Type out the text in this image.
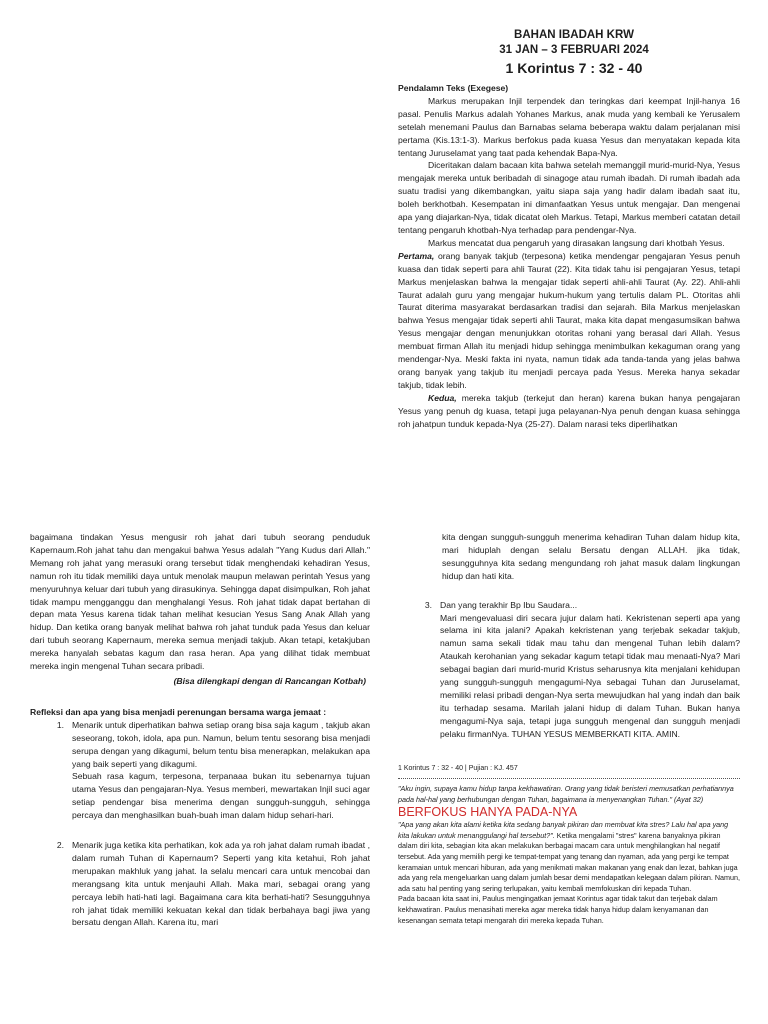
BAHAN IBADAH KRW
31 JAN – 3 FEBRUARI 2024
1 Korintus 7 : 32 - 40

Pendalamn Teks (Exegese)

Markus merupakan Injil terpendek dan teringkas dari keempat Injil-hanya 16 pasal. Penulis Markus adalah Yohanes Markus, anak muda yang kembali ke Yerusalem setelah menemani Paulus dan Barnabas selama beberapa waktu dalam perjalanan misi pertama (Kis.13:1-3). Markus berfokus pada kuasa Yesus dan menyatakan kepada kita tentang Juruselamat yang taat pada kehendak Bapa-Nya.

Diceritakan dalam bacaan kita bahwa setelah memanggil murid-murid-Nya, Yesus mengajak mereka untuk beribadah di sinagoge atau rumah ibadah. Di rumah ibadah ada suatu tradisi yang dikembangkan, yaitu siapa saja yang hadir dalam ibadah saat itu, boleh berkhotbah. Kesempatan ini dimanfaatkan Yesus untuk mengajar. Dan mengenai apa yang diajarkan-Nya, tidak dicatat oleh Markus. Tetapi, Markus memberi catatan detail tentang pengaruh khotbah-Nya terhadap para pendengar-Nya.

Markus mencatat dua pengaruh yang dirasakan langsung dari khotbah Yesus.

Pertama, orang banyak takjub (terpesona) ketika mendengar pengajaran Yesus penuh kuasa dan tidak seperti para ahli Taurat (22). Kita tidak tahu isi pengajaran Yesus, tetapi Markus menjelaskan bahwa la mengajar tidak seperti ahli-ahli Taurat (Ay. 22). Ahli-ahli Taurat adalah guru yang mengajar hukum-hukum yang tertulis dalam PL. Otoritas ahli Taurat diterima masyarakat berdasarkan tradisi dan sejarah. Bila Markus menjelaskan bahwa Yesus mengajar tidak seperti ahli Taurat, maka kita dapat mengasumsikan bahwa Yesus mengajar dengan menunjukkan otoritas rohani yang berasal dari Allah. Yesus membuat firman Allah itu menjadi hidup sehingga menimbulkan kekaguman orang yang mendengar-Nya. Meski fakta ini nyata, namun tidak ada tanda-tanda yang jelas bahwa orang banyak yang takjub itu menjadi percaya pada Yesus. Mereka hanya sekadar takjub, tidak lebih.

Kedua, mereka takjub (terkejut dan heran) karena bukan hanya pengajaran Yesus yang penuh dg kuasa, tetapi juga pelayanan-Nya penuh dengan kuasa sehingga roh jahatpun tunduk kepada-Nya (25-27). Dalam narasi teks diperlihatkan

bagaimana tindakan Yesus mengusir roh jahat dari tubuh seorang penduduk Kapernaum.Roh jahat tahu dan mengakui bahwa Yesus adalah "Yang Kudus dari Allah." Memang roh jahat yang merasuki orang tersebut tidak menghendaki kehadiran Yesus, namun roh itu tidak memiliki daya untuk menolak maupun melawan perintah Yesus yang menyuruhnya keluar dari tubuh yang dirasukinya. Sehingga dapat disimpulkan, Roh jahat tidak mampu mengganggu dan menghalangi Yesus. Roh jahat tidak dapat bertahan di depan mata Yesus karena tidak tahan melihat kesucian Yesus Sang Anak Allah yang hidup. Dan ketika orang banyak melihat bahwa roh jahat tunduk pada Yesus dan keluar dari tubuh seorang Kapernaum, mereka semua menjadi takjub. Akan tetapi, ketakjuban mereka hanyalah sebatas kagum dan rasa heran. Apa yang dilihat tidak membuat mereka ingin mengenal Tuhan secara pribadi.

(Bisa dilengkapi dengan di Rancangan Kotbah)

Refleksi dan apa yang bisa menjadi perenungan bersama warga jemaat :

1. Menarik untuk diperhatikan bahwa setiap orang bisa saja kagum , takjub akan seseorang, tokoh, idola, apa pun. Namun, belum tentu sesorang bisa menjadi serupa dengan yang dikagumi, belum tentu bisa menerapkan, melakukan apa yang baik seperti yang dikagumi.

Sebuah rasa kagum, terpesona, terpanaaa bukan itu sebenarnya tujuan utama Yesus dan pengajaran-Nya. Yesus memberi, mewartakan Injil suci agar setiap pendengar bisa menerima dengan sungguh-sungguh, sehingga percaya dan menghasilkan buah-buah iman dalam hidup sehari-hari.

2. Menarik juga ketika kita perhatikan, kok ada ya roh jahat dalam rumah ibadat , dalam rumah Tuhan di Kapernaum? Seperti yang kita ketahui, Roh jahat merupakan makhluk yang jahat. Ia selalu mencari cara untuk mencobai dan merangsang kita untuk menjauhi Allah. Maka mari, sebagai orang yang percaya lebih hati-hati lagi. Bagaimana cara kita berhati-hati? Sesungguhnya roh jahat tidak memiliki kekuatan kekal dan tidak berbahaya bagi jiwa yang bersatu dengan Allah. Karena itu, mari

kita dengan sungguh-sungguh menerima kehadiran Tuhan dalam hidup kita, mari hiduplah dengan selalu Bersatu dengan ALLAH. jika tidak, sesungguhnya kita sedang mengundang roh jahat masuk dalam lingkungan hidup dan hati kita.

3. Dan yang terakhir Bp Ibu Saudara...

Mari mengevaluasi diri secara jujur dalam hati. Kekristenan seperti apa yang selama ini kita jalani? Apakah kekristenan yang terjebak sekadar takjub, namun sama sekali tidak mau tahu dan mengenal Tuhan lebih dalam? Ataukah kerohanian yang sekadar kagum tetapi tidak mau menaati-Nya? Mari sebagai bagian dari murid-murid Kristus seharusnya kita menjalani kehidupan yang sungguh-sungguh mengagumi-Nya sebagai Tuhan dan Juruselamat, memiliki relasi pribadi dengan-Nya serta mewujudkan hal yang indah dan baik itu terhadap sesama. Marilah jalani hidup di dalam Tuhan. Bukan hanya mengagumi-Nya saja, tetapi juga sungguh mengenal dan sungguh menjadi pelaku firmanNya. TUHAN YESUS MEMBERKATI KITA. AMIN.

1 Korintus 7 : 32 - 40 | Pujian : KJ. 457

"Aku ingin, supaya kamu hidup tanpa kekhawatiran. Orang yang tidak beristeri memusatkan perhatiannya pada hal-hal yang berhubungan dengan Tuhan, bagaimana ia menyenangkan Tuhan." (Ayat 32)

BERFOKUS HANYA PADA-NYA

"Apa yang akan kita alami ketika kita sedang banyak pikiran dan membuat kita stres? Lalu hal apa yang kita lakukan untuk menanggulangi hal tersebut?". Ketika mengalami "stres" karena banyaknya pikiran dalam diri kita, sebagian kita akan melakukan berbagai macam cara untuk menghilangkan hal negatif tersebut. Ada yang memilih pergi ke tempat-tempat yang tenang dan nyaman, ada yang pergi ke tempat keramaian untuk mencari hiburan, ada yang menikmati makan makanan yang enak dan lezat, bahkan juga ada yang rela mengeluarkan uang dalam jumlah besar demi mendapatkan kelegaan dalam pikiran. Namun, ada satu hal penting yang sering terlupakan, yaitu kembali memfokuskan diri kepada Tuhan.

Pada bacaan kita saat ini, Paulus mengingatkan jemaat Korintus agar tidak takut dan terjebak dalam kekhawatiran. Paulus menasihati mereka agar mereka tidak hanya hidup dalam kenyamanan dan kesenangan semata tetapi mengarah diri mereka kepada Tuhan.
